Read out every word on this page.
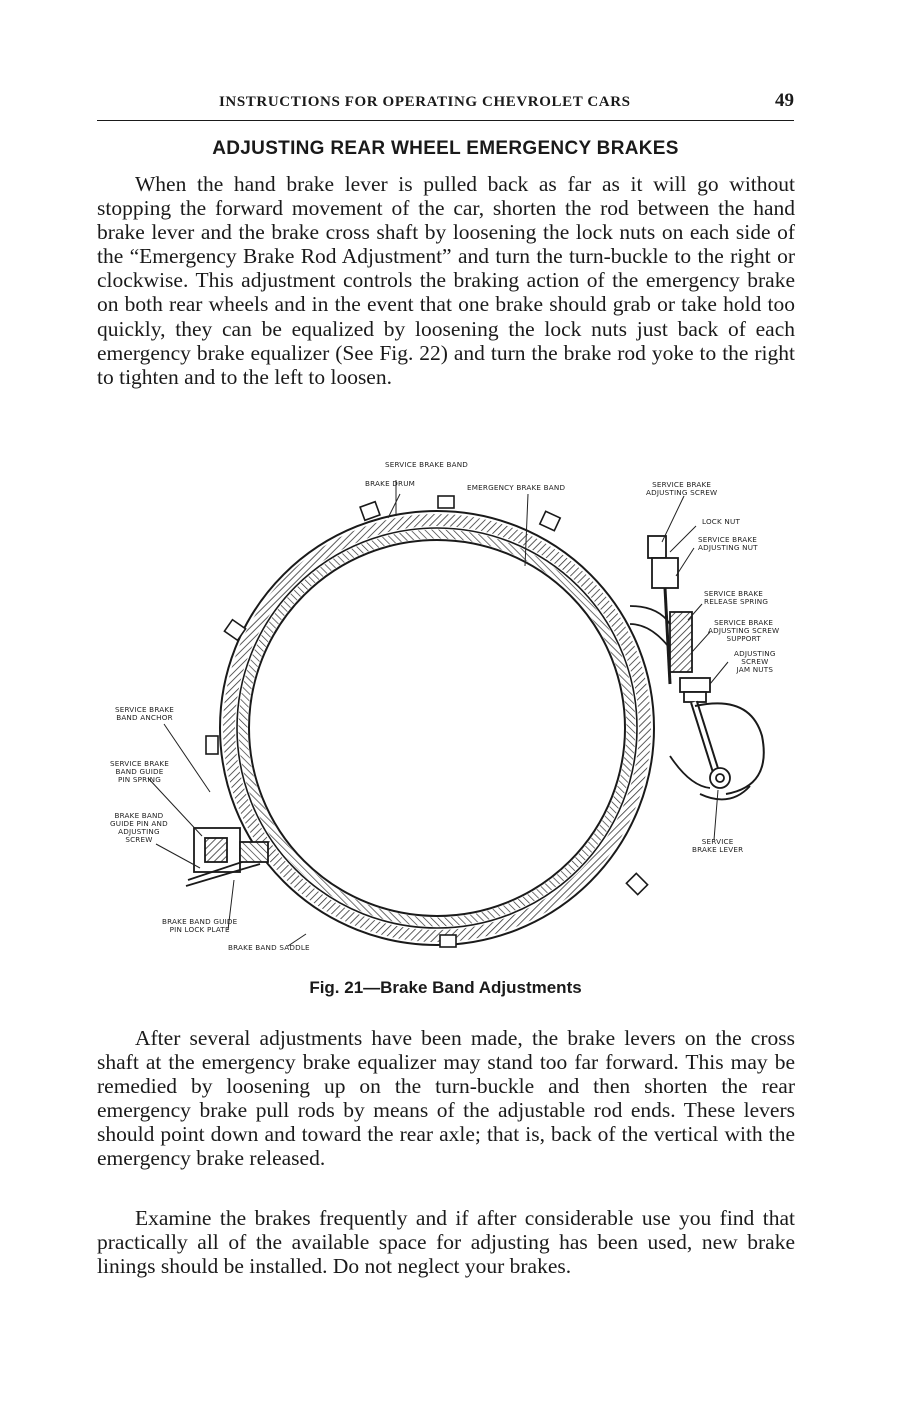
INSTRUCTIONS FOR OPERATING CHEVROLET CARS	49
ADJUSTING REAR WHEEL EMERGENCY BRAKES

When the hand brake lever is pulled back as far as it will go without stopping the forward movement of the car, shorten the rod between the hand brake lever and the brake cross shaft by loosening the lock nuts on each side of the “Emergency Brake Rod Adjustment” and turn the turn-buckle to the right or clockwise. This adjustment controls the braking action of the emergency brake on both rear wheels and in the event that one brake should grab or take hold too quickly, they can be equalized by loosening the lock nuts just back of each emergency brake equalizer (See Fig. 22) and turn the brake rod yoke to the right to tighten and to the left to loosen.

SERVICE BRAKE BAND
BRAKE DRUM	EMERGENCY BRAKE BAND	SERVICE BRAKE
ADJUSTING SCREW
LOCK NUT
SERVICE BRAKE
ADJUSTING NUT
SERVICE BRAKE
RELEASE SPRING
SERVICE BRAKE
ADJUSTING SCREW
SUPPORT
ADJUSTING
SCREW
JAM NUTS
SERVICE BRAKE
BAND ANCHOR
SERVICE BRAKE
BAND GUIDE
PIN SPRING
BRAKE BAND
GUIDE PIN AND
ADJUSTING
SCREW	SERVICE
BRAKE LEVER
BRAKE BAND GUIDE
PIN LOCK PLATE
BRAKE BAND SADDLE
Fig. 21—Brake Band Adjustments

After several adjustments have been made, the brake levers on the cross shaft at the emergency brake equalizer may stand too far forward. This may be remedied by loosening up on the turn-buckle and then shorten the rear emergency brake pull rods by means of the adjustable rod ends. These levers should point down and toward the rear axle; that is, back of the vertical with the emergency brake released.

Examine the brakes frequently and if after considerable use you find that practically all of the available space for adjusting has been used, new brake linings should be installed. Do not neglect your brakes.
